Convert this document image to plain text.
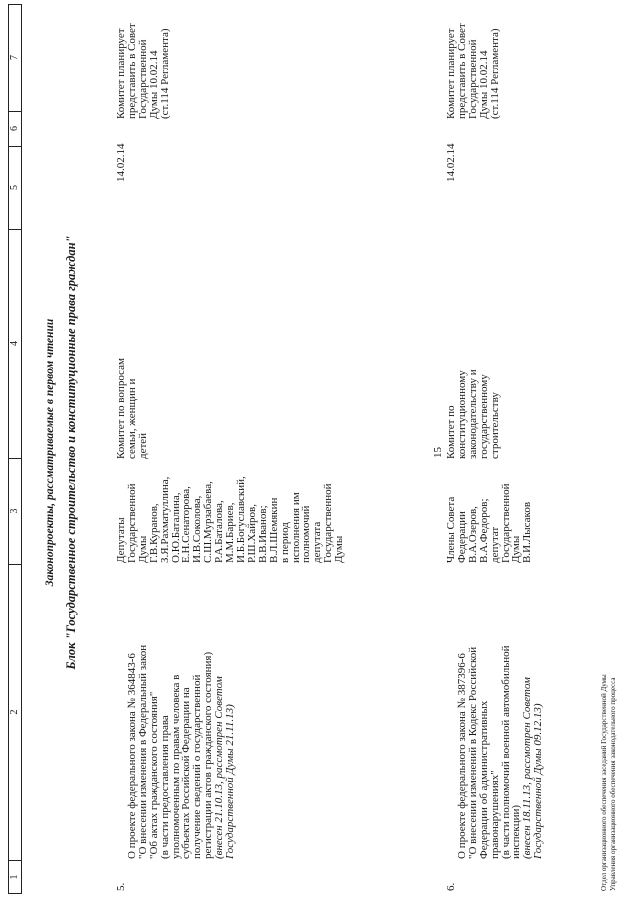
15
1
2
3
4
5
6
7
Законопроекты, рассматриваемые в первом чтении Блок "Государственное строительство и конституционные права граждан"
5.

О проекте федерального закона № 364843-6
"О внесении изменения в Федеральный закон
"Об актах гражданского состояния"
(в части предоставления права
уполномоченным по правам человека в
субъектах Российской Федерации на
получение сведений о государственной
регистрации актов гражданского состояния)
(внесен 21.10.13, рассмотрен Советом
Государственной Думы 21.11.13)

Депутаты
Государственной
Думы
Г.В.Куранов,
З.Я.Рахматуллина,
О.Ю.Баталина,
Е.Н.Сенаторова,
И.В.Соколова,
С.Ш.Мурзабаева,
Р.А.Баталова,
М.М.Бариев,
И.Б.Богуславский,
Р.Ш.Хайров,
В.В.Иванов;
В.Л.Шемякин
в период
исполнения им
полномочий
депутата
Государственной
Думы
Комитет по вопросам
семьи, женщин и
детей
14.02.14
Комитет планирует
представить в Совет
Государственной
Думы 10.02.14
(ст.114 Регламента)
6.

О проекте федерального закона № 387396-6
"О внесении изменений в Кодекс Российской
Федерации об административных
правонарушениях"
(в части полномочий военной автомобильной
инспекции)
(внесен 18.11.13, рассмотрен Советом
Государственной Думы 09.12.13)

Члены Совета
Федерации
В.А.Озеров,
В.А.Федоров;
депутат
Государственной
Думы
В.И.Лысаков
Комитет по
конституционному
законодательству и
государственному
строительству
14.02.14
Комитет планирует
представить в Совет
Государственной
Думы 10.02.14
(ст.114 Регламента)
Отдел организационного обеспечения заседаний Государственной Думы
Управления организационного обеспечения законодательного процесса
